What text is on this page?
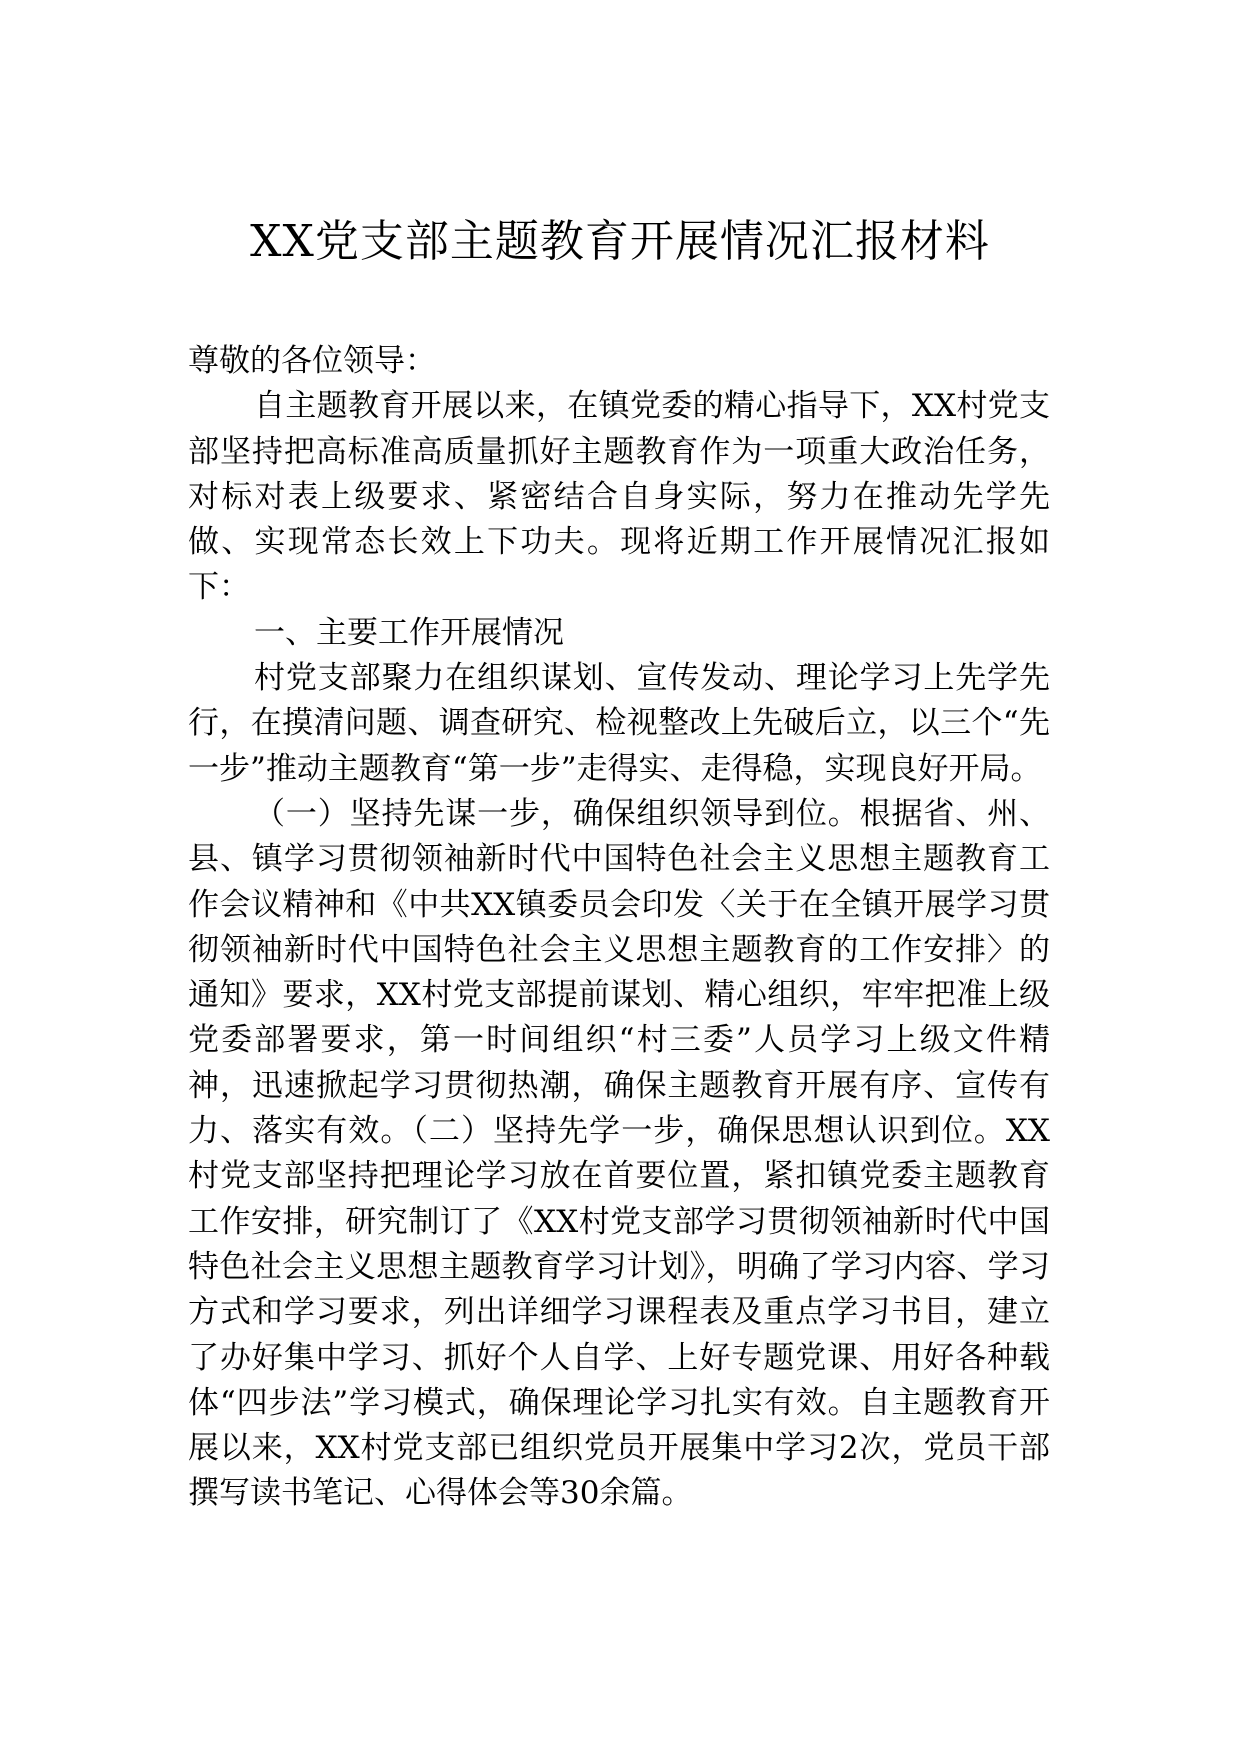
XX党支部主题教育开展情况汇报材料

尊敬的各位领导：

自主题教育开展以来，在镇党委的精心指导下，XX村党支部坚持把高标准高质量抓好主题教育作为一项重大政治任务，对标对表上级要求、紧密结合自身实际，努力在推动先学先做、实现常态长效上下功夫。现将近期工作开展情况汇报如下：

一、主要工作开展情况

村党支部聚力在组织谋划、宣传发动、理论学习上先学先行，在摸清问题、调查研究、检视整改上先破后立，以三个“先一步”推动主题教育“第一步”走得实、走得稳，实现良好开局。

（一）坚持先谋一步，确保组织领导到位。根据省、州、县、镇学习贯彻领袖新时代中国特色社会主义思想主题教育工作会议精神和《中共XX镇委员会印发〈关于在全镇开展学习贯彻领袖新时代中国特色社会主义思想主题教育的工作安排〉的通知》要求，XX村党支部提前谋划、精心组织，牢牢把准上级党委部署要求，第一时间组织“村三委”人员学习上级文件精神，迅速掀起学习贯彻热潮，确保主题教育开展有序、宣传有力、落实有效。（二）坚持先学一步，确保思想认识到位。XX村党支部坚持把理论学习放在首要位置，紧扣镇党委主题教育工作安排，研究制订了《XX村党支部学习贯彻领袖新时代中国特色社会主义思想主题教育学习计划》，明确了学习内容、学习方式和学习要求，列出详细学习课程表及重点学习书目，建立了办好集中学习、抓好个人自学、上好专题党课、用好各种载体“四步法”学习模式，确保理论学习扎实有效。自主题教育开展以来，XX村党支部已组织党员开展集中学习2次，党员干部撰写读书笔记、心得体会等30余篇。
